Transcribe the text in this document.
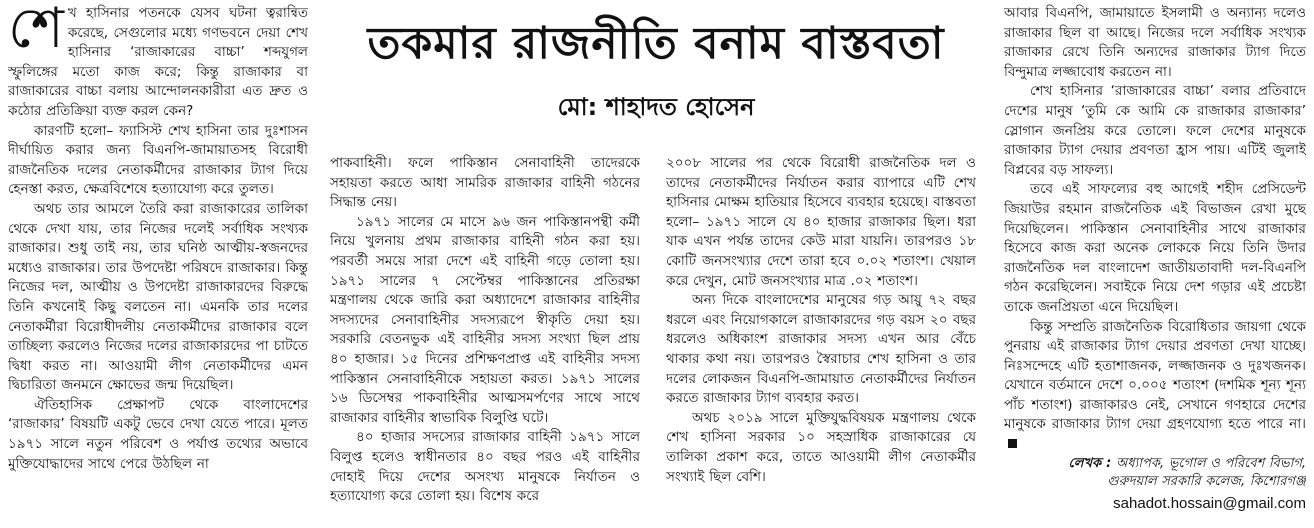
তকমার রাজনীতি বনাম বাস্তবতা
মো: শাহাদত হোসেন

শেখ হাসিনার পতনকে যেসব ঘটনা ত্বরান্বিত করেছে, সেগুলোর মধ্যে গণভবনে দেয়া শেখ হাসিনার ‘রাজাকারের বাচ্চা’ শব্দযুগল স্ফুলিঙ্গের মতো কাজ করে; কিন্তু রাজাকার বা রাজাকারের বাচ্চা বলায় আন্দোলনকারীরা এত দ্রুত ও কঠোর প্রতিক্রিয়া ব্যক্ত করল কেন?

কারণটি হলো– ফ্যাসিস্ট শেখ হাসিনা তার দুঃশাসন দীর্ঘায়িত করার জন্য বিএনপি-জামায়াতসহ বিরোধী রাজনৈতিক দলের নেতাকর্মীদের রাজাকার ট্যাগ দিয়ে হেনস্তা করত, ক্ষেত্রবিশেষে হত্যাযোগ্য করে তুলত।

অথচ তার আমলে তৈরি করা রাজাকারের তালিকা থেকে দেখা যায়, তার নিজের দলেই সর্বাধিক সংখ্যক রাজাকার। শুধু তাই নয়, তার ঘনিষ্ঠ আত্মীয়-স্বজনদের মধ্যেও রাজাকার। তার উপদেষ্টা পরিষদে রাজাকার। কিন্তু নিজের দল, আত্মীয় ও উপদেষ্টা রাজাকারদের বিরুদ্ধে তিনি কখনোই কিছু বলতেন না। এমনকি তার দলের নেতাকর্মীরা বিরোধীদলীয় নেতাকর্মীদের রাজাকার বলে তাচ্ছিল্য করলেও নিজের দলের রাজাকারদের পা চাটতে দ্বিধা করত না। আওয়ামী লীগ নেতাকর্মীদের এমন দ্বিচারিতা জনমনে ক্ষোভের জন্ম দিয়েছিল।

ঐতিহাসিক প্রেক্ষাপট থেকে বাংলাদেশের ‘রাজাকার’ বিষয়টি একটু ভেবে দেখা যেতে পারে। মূলত ১৯৭১ সালে নতুন পরিবেশ ও পর্যাপ্ত তথ্যের অভাবে মুক্তিযোদ্ধাদের সাথে পেরে উঠছিল না

পাকবাহিনী। ফলে পাকিস্তান সেনাবাহিনী তাদেরকে সহায়তা করতে আধা সামরিক রাজাকার বাহিনী গঠনের সিদ্ধান্ত নেয়।

১৯৭১ সালের মে মাসে ৯৬ জন পাকিস্তানপন্থী কর্মী নিয়ে খুলনায় প্রথম রাজাকার বাহিনী গঠন করা হয়। পরবর্তী সময়ে সারা দেশে এই বাহিনী গড়ে তোলা হয়। ১৯৭১ সালের ৭ সেপ্টেম্বর পাকিস্তানের প্রতিরক্ষা মন্ত্রণালয় থেকে জারি করা অধ্যাদেশে রাজাকার বাহিনীর সদস্যদের সেনাবাহিনীর সদস্যরূপে স্বীকৃতি দেয়া হয়। সরকারি বেতনভুক এই বাহিনীর সদস্য সংখ্যা ছিল প্রায় ৪০ হাজার। ১৫ দিনের প্রশিক্ষণপ্রাপ্ত এই বাহিনীর সদস্য পাকিস্তান সেনাবাহিনীকে সহায়তা করত। ১৯৭১ সালের ১৬ ডিসেম্বর পাকবাহিনীর আত্মসমর্পণের সাথে সাথে রাজাকার বাহিনীর স্বাভাবিক বিলুপ্তি ঘটে।

৪০ হাজার সদস্যের রাজাকার বাহিনী ১৯৭১ সালে বিলুপ্ত হলেও স্বাধীনতার ৪০ বছর পরও এই বাহিনীর দোহাই দিয়ে দেশের অসংখ্য মানুষকে নির্যাতন ও হত্যাযোগ্য করে তোলা হয়। বিশেষ করে

২০০৮ সালের পর থেকে বিরোধী রাজনৈতিক দল ও তাদের নেতাকর্মীদের নির্যাতন করার ব্যাপারে এটি শেখ হাসিনার মোক্ষম হাতিয়ার হিসেবে ব্যবহার হয়েছে। বাস্তবতা হলো– ১৯৭১ সালে যে ৪০ হাজার রাজাকার ছিল। ধরা যাক এখন পর্যন্ত তাদের কেউ মারা যায়নি। তারপরও ১৮ কোটি জনসংখ্যার দেশে তারা হবে ০.০২ শতাংশ। খেয়াল করে দেখুন, মোট জনসংখ্যার মাত্র .০২ শতাংশ।

অন্য দিকে বাংলাদেশের মানুষের গড় আয়ু ৭২ বছর ধরলে এবং নিয়োগকালে রাজাকারদের গড় বয়স ২০ বছর ধরলেও অধিকাংশ রাজাকার সদস্য এখন আর বেঁচে থাকার কথা নয়। তারপরও স্বৈরাচার শেখ হাসিনা ও তার দলের লোকজন বিএনপি-জামায়াত নেতাকর্মীদের নির্যাতন করতে রাজাকার ট্যাগ ব্যবহার করত।

অথচ ২০১৯ সালে মুক্তিযুদ্ধবিষয়ক মন্ত্রণালয় থেকে শেখ হাসিনা সরকার ১০ সহস্রাধিক রাজাকারের যে তালিকা প্রকাশ করে, তাতে আওয়ামী লীগ নেতাকর্মীর সংখ্যাই ছিল বেশি।

আবার বিএনপি, জামায়াতে ইসলামী ও অন্যান্য দলেও রাজাকার ছিল বা আছে। নিজের দলে সর্বাধিক সংখ্যক রাজাকার রেখে তিনি অন্যদের রাজাকার ট্যাগ দিতে বিন্দুমাত্র লজ্জাবোধ করতেন না।

শেখ হাসিনার ‘রাজাকারের বাচ্চা’ বলার প্রতিবাদে দেশের মানুষ ‘তুমি কে আমি কে রাজাকার রাজাকার’ স্লোগান জনপ্রিয় করে তোলে। ফলে দেশের মানুষকে রাজাকার ট্যাগ দেয়ার প্রবণতা হ্রাস পায়। এটিই জুলাই বিপ্লবের বড় সাফল্য।

তবে এই সাফল্যের বহু আগেই শহীদ প্রেসিডেন্ট জিয়াউর রহমান রাজনৈতিক এই বিভাজন রেখা মুছে দিয়েছিলেন। পাকিস্তান সেনাবাহিনীর সাথে রাজাকার হিসেবে কাজ করা অনেক লোককে নিয়ে তিনি উদার রাজনৈতিক দল বাংলাদেশ জাতীয়তাবাদী দল-বিএনপি গঠন করেছিলেন। সবাইকে নিয়ে দেশ গড়ার এই প্রচেষ্টা তাকে জনপ্রিয়তা এনে দিয়েছিল।

কিন্তু সম্প্রতি রাজনৈতিক বিরোধিতার জায়গা থেকে পুনরায় এই রাজাকার ট্যাগ দেয়ার প্রবণতা দেখা যাচ্ছে। নিঃসন্দেহে এটি হতাশাজনক, লজ্জাজনক ও দুঃখজনক। যেখানে বর্তমানে দেশে ০.০০৫ শতাংশ (দশমিক শূন্য শূন্য পাঁচ শতাংশ) রাজাকারও নেই, সেখানে গণহারে দেশের মানুষকে রাজাকার ট্যাগ দেয়া গ্রহণযোগ্য হতে পারে না।

লেখক : অধ্যাপক, ভূগোল ও পরিবেশ বিভাগ,
গুরুদয়াল সরকারি কলেজ, কিশোরগঞ্জ
sahadot.hossain@gmail.com
